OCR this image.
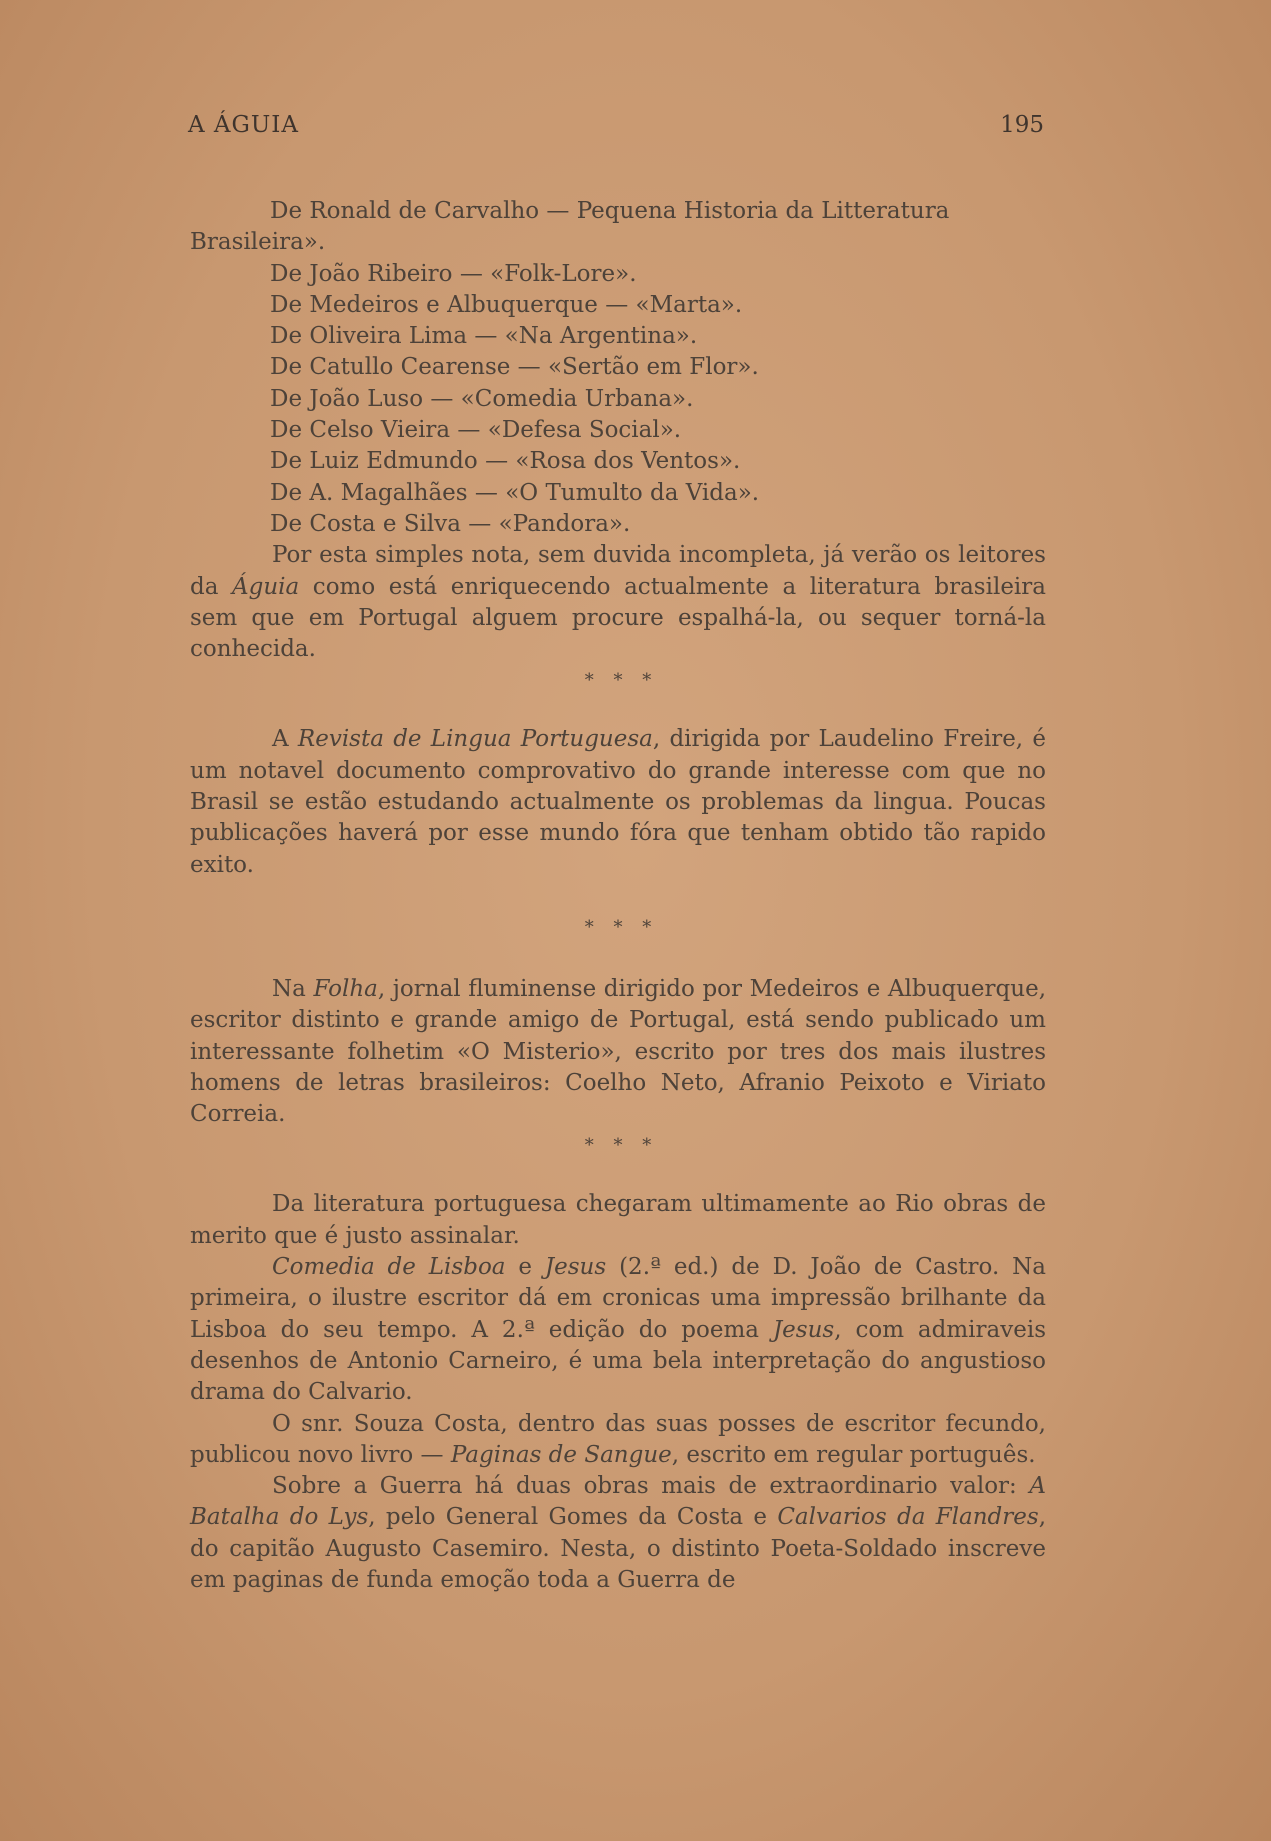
A ÁGUIA	195

De Ronald de Carvalho — Pequena Historia da Litteratura

Brasileira».

De João Ribeiro — «Folk-Lore».

De Medeiros e Albuquerque — «Marta».

De Oliveira Lima — «Na Argentina».

De Catullo Cearense — «Sertão em Flor».

De João Luso — «Comedia Urbana».

De Celso Vieira — «Defesa Social».

De Luiz Edmundo — «Rosa dos Ventos».

De A. Magalhães — «O Tumulto da Vida».

De Costa e Silva — «Pandora».

Por esta simples nota, sem duvida incompleta, já verão os leitores da Águia como está enriquecendo actualmente a literatura brasileira sem que em Portugal alguem procure espalhá-la, ou sequer torná-la conhecida.

* * *

A Revista de Lingua Portuguesa, dirigida por Laudelino Freire, é um notavel documento comprovativo do grande interesse com que no Brasil se estão estudando actualmente os problemas da lingua. Poucas publicações haverá por esse mundo fóra que tenham obtido tão rapido exito.

* * *

Na Folha, jornal fluminense dirigido por Medeiros e Albuquerque, escritor distinto e grande amigo de Portugal, está sendo publicado um interessante folhetim «O Misterio», escrito por tres dos mais ilustres homens de letras brasileiros: Coelho Neto, Afranio Peixoto e Viriato Correia.

* * *

Da literatura portuguesa chegaram ultimamente ao Rio obras de merito que é justo assinalar.

Comedia de Lisboa e Jesus (2.ª ed.) de D. João de Castro. Na primeira, o ilustre escritor dá em cronicas uma impressão brilhante da Lisboa do seu tempo. A 2.ª edição do poema Jesus, com admiraveis desenhos de Antonio Carneiro, é uma bela interpretação do angustioso drama do Calvario.

O snr. Souza Costa, dentro das suas posses de escritor fecundo, publicou novo livro — Paginas de Sangue, escrito em regular português.

Sobre a Guerra há duas obras mais de extraordinario valor: A Batalha do Lys, pelo General Gomes da Costa e Calvarios da Flandres, do capitão Augusto Casemiro. Nesta, o distinto Poeta-Soldado inscreve em paginas de funda emoção toda a Guerra de
